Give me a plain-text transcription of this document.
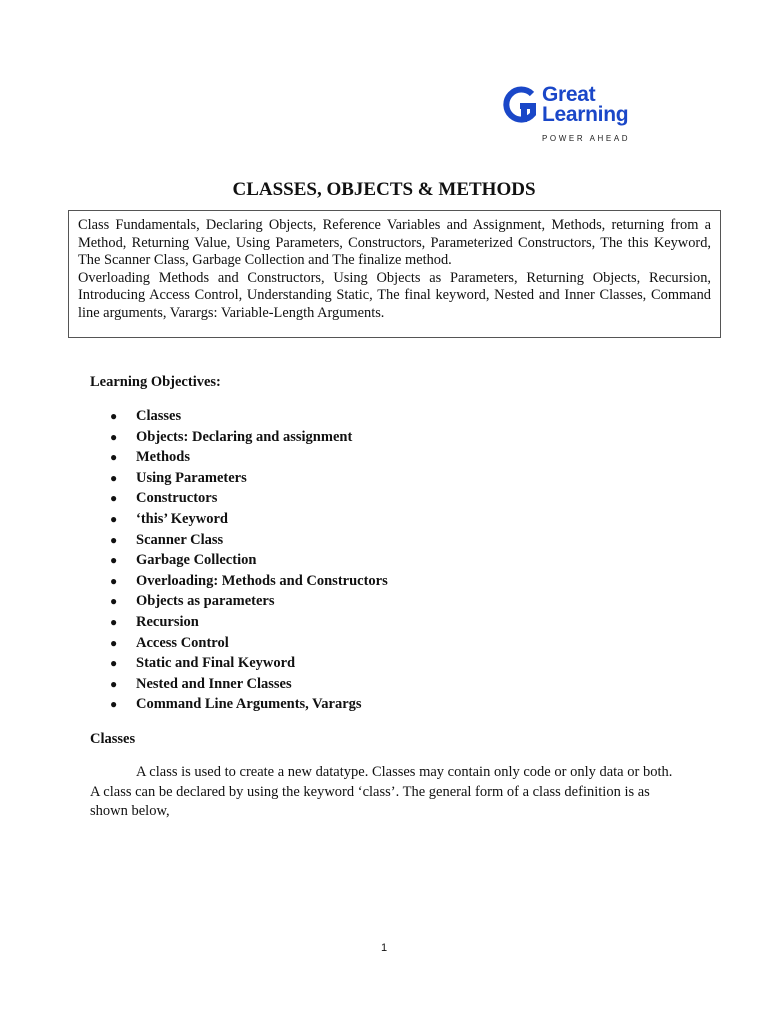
Great
Learning
POWER AHEAD
CLASSES, OBJECTS & METHODS

Class Fundamentals, Declaring Objects, Reference Variables and Assignment, Methods, returning from a Method, Returning Value, Using Parameters, Constructors, Parameterized Constructors, The this Keyword, The Scanner Class, Garbage Collection and The finalize method.

Overloading Methods and Constructors, Using Objects as Parameters, Returning Objects, Recursion, Introducing Access Control, Understanding Static, The final keyword, Nested and Inner Classes, Command line arguments, Varargs: Variable-Length Arguments.

Learning Objectives:
● Classes
● Objects: Declaring and assignment
● Methods
● Using Parameters
● Constructors
● ‘this’ Keyword
● Scanner Class
● Garbage Collection
● Overloading: Methods and Constructors
● Objects as parameters
● Recursion
● Access Control
● Static and Final Keyword
● Nested and Inner Classes
● Command Line Arguments, Varargs
Classes

A class is used to create a new datatype. Classes may contain only code or only data or both. A class can be declared by using the keyword ‘class’. The general form of a class definition is as shown below,

1
